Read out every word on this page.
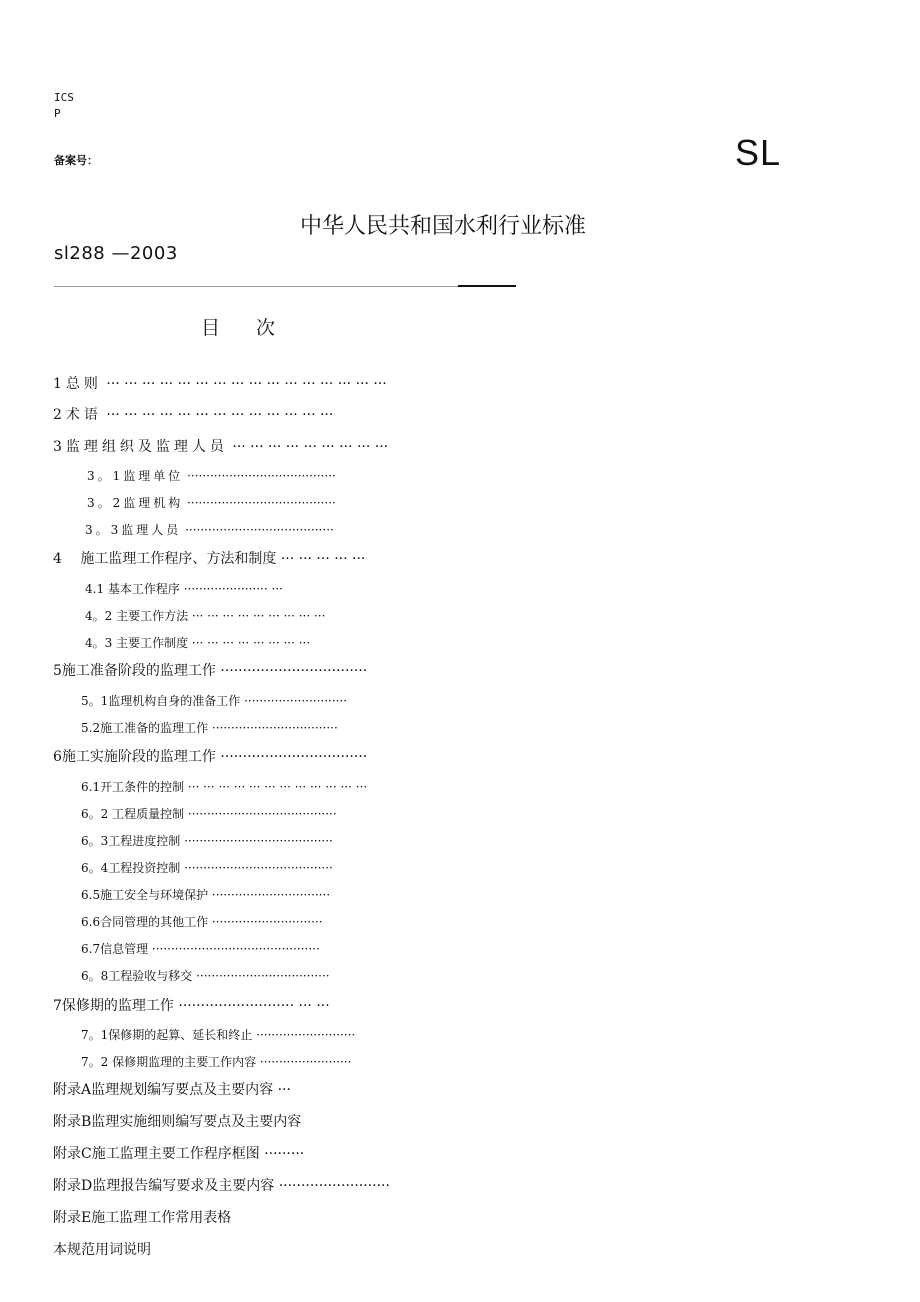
ICS
P
备案号：	SL
中华人民共和国水利行业标准
sl288 —2003
目 次
1总则 ··· ··· ··· ··· ··· ··· ··· ··· ··· ··· ··· ··· ··· ··· ··· ···
2术语 ··· ··· ··· ··· ··· ··· ··· ··· ··· ··· ··· ··· ···
3监理组织及监理人员 ··· ··· ··· ··· ··· ··· ··· ··· ···
3。1监理单位 ·······································
3。2监理机构 ·······································
3。3监理人员 ·······································
4　 施工监理工作程序、方法和制度 ··· ··· ··· ··· ···
4.1 基本工作程序 ······················ ···
4。2 主要工作方法 ··· ··· ··· ··· ··· ··· ··· ··· ···
4。3 主要工作制度 ··· ··· ··· ··· ··· ··· ··· ···
5施工准备阶段的监理工作 ·································
5。1监理机构自身的准备工作 ···························
5.2施工准备的监理工作 ·································
6施工实施阶段的监理工作 ·································
6.1开工条件的控制 ··· ··· ··· ··· ··· ··· ··· ··· ··· ··· ··· ···
6。2 工程质量控制 ·······································
6。3工程进度控制 ·······································
6。4工程投资控制 ·······································
6.5施工安全与环境保护 ·······························
6.6合同管理的其他工作 ·····························
6.7信息管理 ············································
6。8工程验收与移交 ···································
7保修期的监理工作 ·························· ··· ···
7。1保修期的起算、延长和终止 ··························
7。2 保修期监理的主要工作内容 ························
附录A监理规划编写要点及主要内容 ···
附录B监理实施细则编写要点及主要内容
附录C施工监理主要工作程序框图 ·········
附录D监理报告编写要求及主要内容 ·························
附录E施工监理工作常用表格
本规范用词说明
